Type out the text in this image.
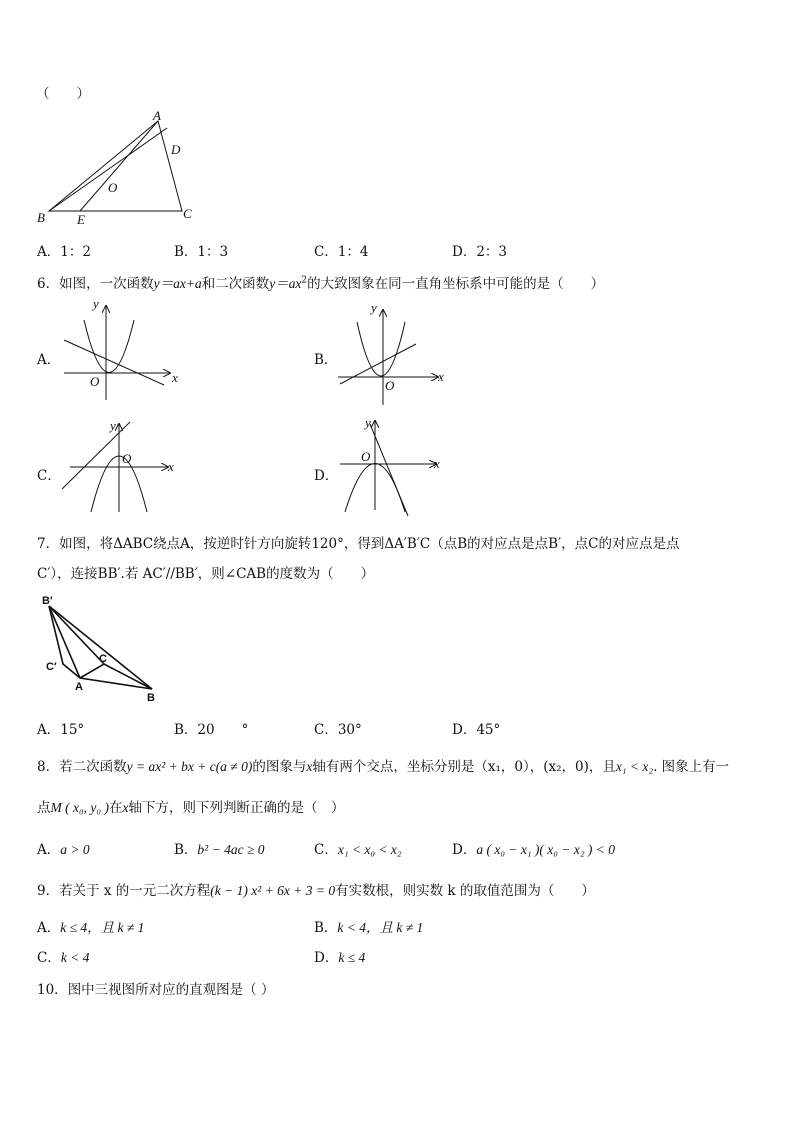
（　　）
A
D
O
B E	C
A．1：2	B．1：3	C．1：4	D．2：3
6．如图，一次函数y＝ax+a和二次函数$y=ax^2$的大致图象在同一直角坐标系中可能的是（　　）
A．	B．
C．	D．
y
O	x
y
O
x
y
O
x
y
O	x
7．如图，将ΔABC绕点A，按逆时针方向旋转120°，得到ΔA′B′C（点B的对应点是点B′，点C的对应点是点
C′），连接BB′.若 AC′//BB′，则∠CAB的度数为（　　）
B′
C′
C
A
B
A．15°	B．20　　°	C．30°	D．45°
8．若二次函数y = ax² + bx + c(a ≠ 0)的图象与x轴有两个交点，坐标分别是（x₁，0），(x₂，0)，且x₁ < x₂. 图象上有一
点M ( x₀, y₀ )在x轴下方，则下列判断正确的是（　）
A．a > 0	B．b² − 4ac ≥ 0	C．x₁ < x₀ < x₂	D．a ( x₀ − x₁ )( x₀ − x₂ ) < 0
9．若关于 x 的一元二次方程(k − 1) x² + 6x + 3 = 0有实数根，则实数 k 的取值范围为（　　）
A．k ≤ 4，且 k ≠ 1	B．k < 4，且 k ≠ 1
C．k < 4	D．k ≤ 4
10．图中三视图所对应的直观图是（ ）
